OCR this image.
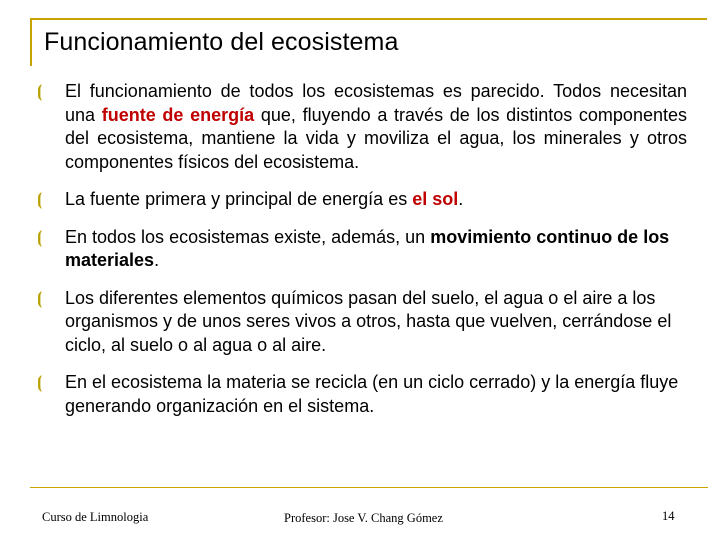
Funcionamiento del ecosistema
⦗ El funcionamiento de todos los ecosistemas es parecido. Todos necesitan una fuente de energía que, fluyendo a través de los distintos componentes del ecosistema, mantiene la vida y moviliza el agua, los minerales y otros componentes físicos del ecosistema.
⦗ La fuente primera y principal de energía es el sol.
⦗ En todos los ecosistemas existe, además, un movimiento continuo de los materiales.
⦗ Los diferentes elementos químicos pasan del suelo, el agua o el aire a los organismos y de unos seres vivos a otros, hasta que vuelven, cerrándose el ciclo, al suelo o al agua o al aire.
⦗ En el ecosistema la materia se recicla (en un ciclo cerrado) y la energía fluye generando organización en el sistema.
Curso de Limnologia	Profesor: Jose V. Chang Gómez	14
